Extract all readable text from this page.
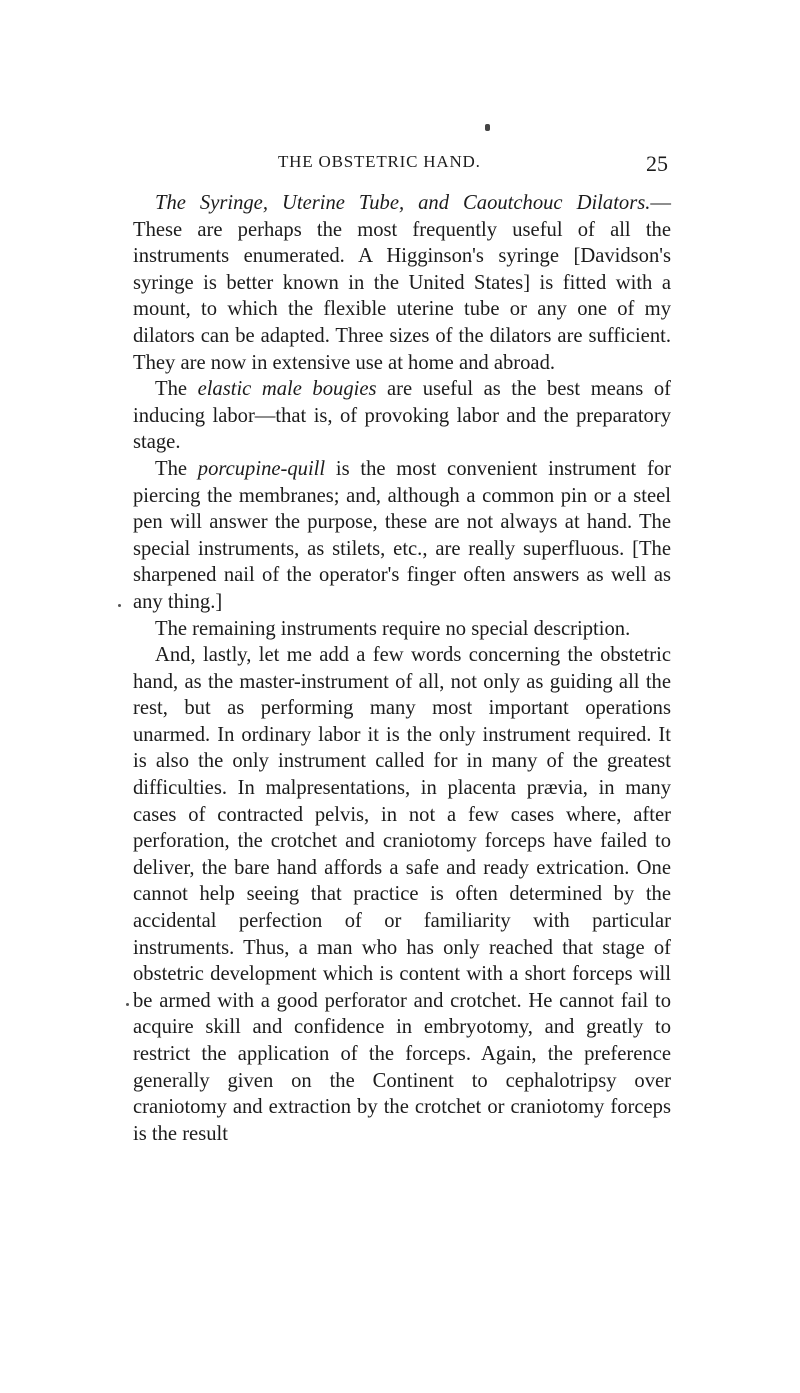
THE OBSTETRIC HAND.	25

The Syringe, Uterine Tube, and Caoutchouc Dilators.— These are perhaps the most frequently useful of all the instruments enumerated. A Higginson's syringe [Davidson's syringe is better known in the United States] is fitted with a mount, to which the flexible uterine tube or any one of my dilators can be adapted. Three sizes of the dilators are sufficient. They are now in extensive use at home and abroad.

The elastic male bougies are useful as the best means of inducing labor—that is, of provoking labor and the preparatory stage.

The porcupine-quill is the most convenient instrument for piercing the membranes; and, although a common pin or a steel pen will answer the purpose, these are not always at hand. The special instruments, as stilets, etc., are really superfluous. [The sharpened nail of the operator's finger often answers as well as any thing.]

The remaining instruments require no special description.

And, lastly, let me add a few words concerning the obstetric hand, as the master-instrument of all, not only as guiding all the rest, but as performing many most important operations unarmed. In ordinary labor it is the only instrument required. It is also the only instrument called for in many of the greatest difficulties. In malpresentations, in placenta prævia, in many cases of contracted pelvis, in not a few cases where, after perforation, the crotchet and craniotomy forceps have failed to deliver, the bare hand affords a safe and ready extrication. One cannot help seeing that practice is often determined by the accidental perfection of or familiarity with particular instruments. Thus, a man who has only reached that stage of obstetric development which is content with a short forceps will be armed with a good perforator and crotchet. He cannot fail to acquire skill and confidence in embryotomy, and greatly to restrict the application of the forceps. Again, the preference generally given on the Continent to cephalotripsy over craniotomy and extraction by the crotchet or craniotomy forceps is the result
